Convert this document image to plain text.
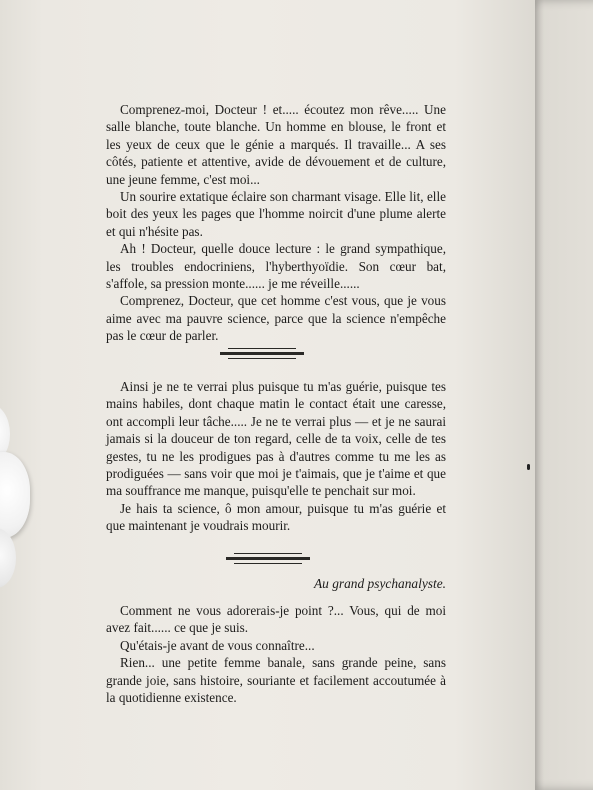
Comprenez-moi, Docteur ! et..... écoutez mon rêve..... Une salle blanche, toute blanche. Un homme en blouse, le front et les yeux de ceux que le génie a marqués. Il travaille... A ses côtés, patiente et attentive, avide de dévouement et de culture, une jeune femme, c'est moi...

Un sourire extatique éclaire son charmant visage. Elle lit, elle boit des yeux les pages que l'homme noircit d'une plume alerte et qui n'hésite pas.

Ah ! Docteur, quelle douce lecture : le grand sympathique, les troubles endocriniens, l'hyberthyoïdie. Son cœur bat, s'affole, sa pression monte...... je me réveille......

Comprenez, Docteur, que cet homme c'est vous, que je vous aime avec ma pauvre science, parce que la science n'empêche pas le cœur de parler.

Ainsi je ne te verrai plus puisque tu m'as guérie, puisque tes mains habiles, dont chaque matin le contact était une caresse, ont accompli leur tâche..... Je ne te verrai plus — et je ne saurai jamais si la douceur de ton regard, celle de ta voix, celle de tes gestes, tu ne les prodigues pas à d'autres comme tu me les as prodiguées — sans voir que moi je t'aimais, que je t'aime et que ma souffrance me manque, puisqu'elle te penchait sur moi.

Je hais ta science, ô mon amour, puisque tu m'as guérie et que maintenant je voudrais mourir.

Au grand psychanalyste.

Comment ne vous adorerais-je point ?... Vous, qui de moi avez fait...... ce que je suis.

Qu'étais-je avant de vous connaître...

Rien... une petite femme banale, sans grande peine, sans grande joie, sans histoire, souriante et facilement accoutumée à la quotidienne existence.
